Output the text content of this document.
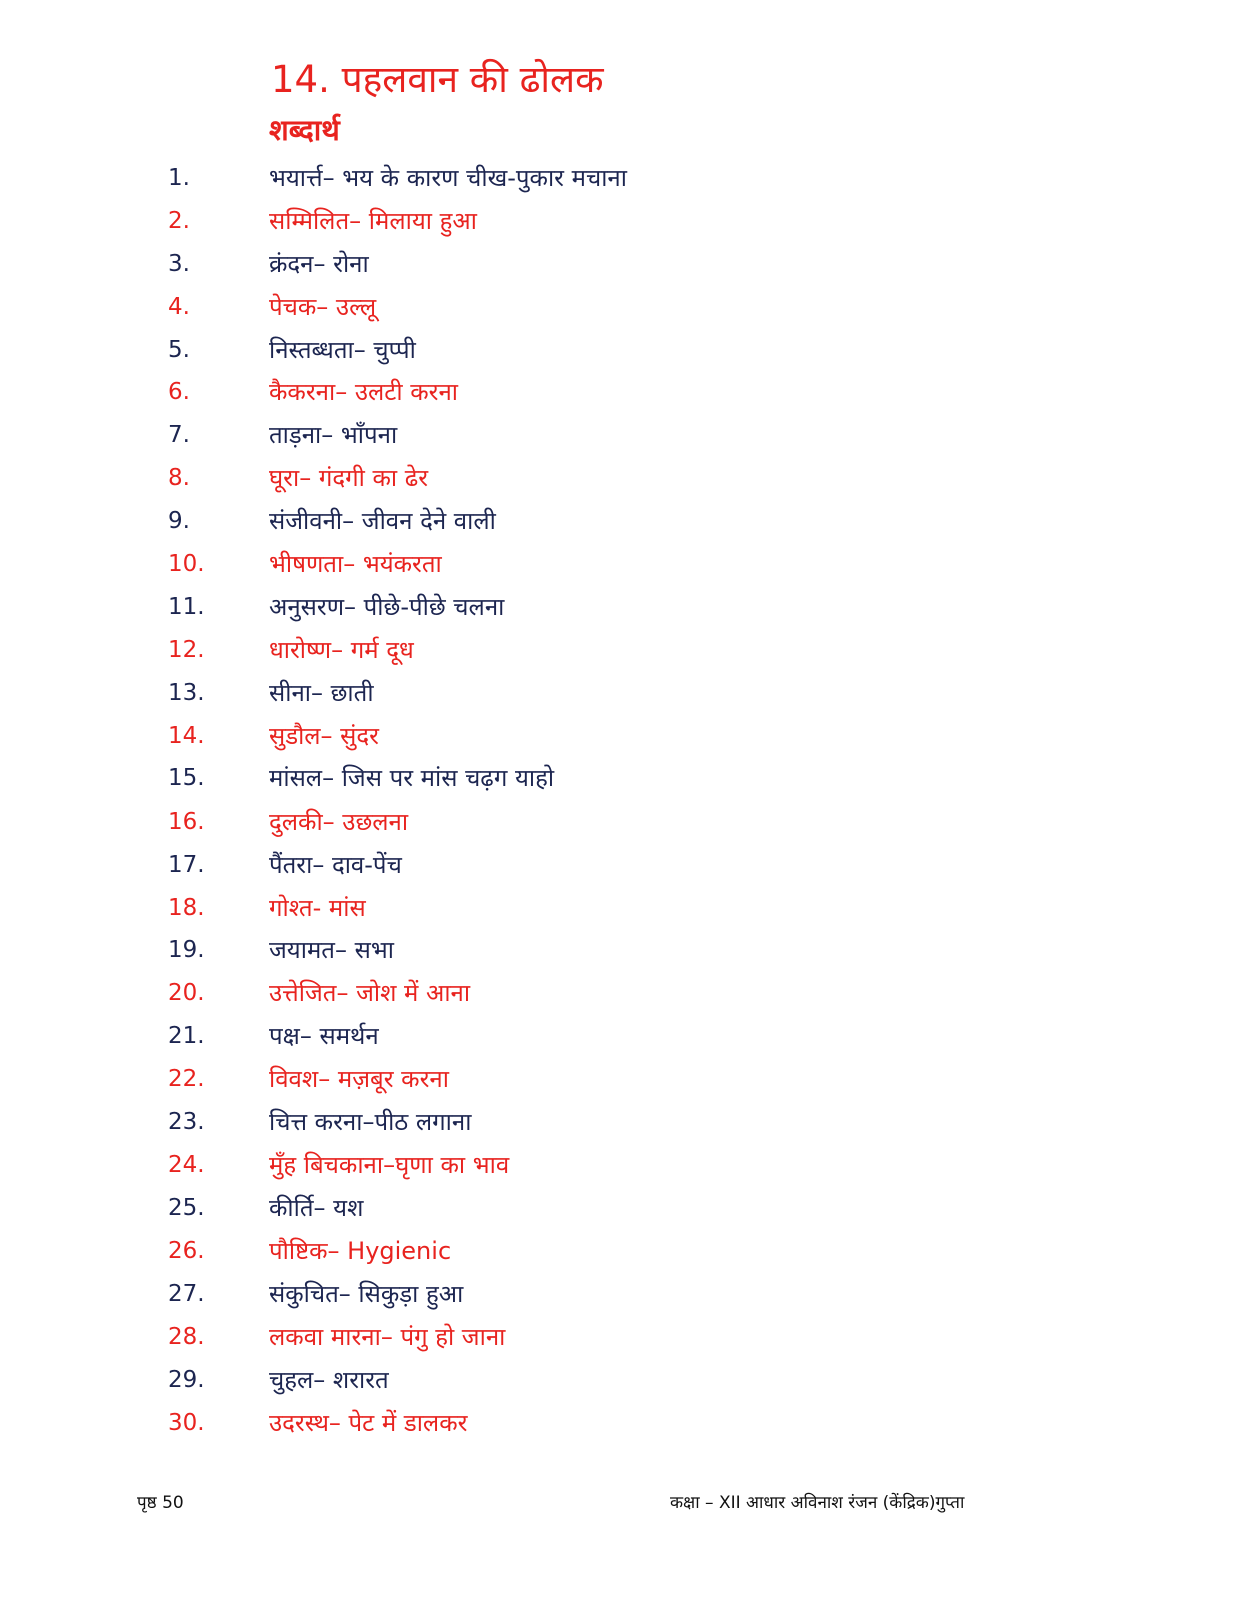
14. पहलवान की ढोलक
शब्दार्थ
1.	भयार्त्त– भय के कारण चीख-पुकार मचाना
2.	सम्मिलित– मिलाया हुआ
3.	क्रंदन– रोना
4.	पेचक– उल्लू
5.	निस्तब्धता– चुप्पी
6.	कैकरना– उलटी करना
7.	ताड़ना– भाँपना
8.	घूरा– गंदगी का ढेर
9.	संजीवनी– जीवन देने वाली
10.	भीषणता– भयंकरता
11.	अनुसरण– पीछे-पीछे चलना
12.	धारोष्ण– गर्म दूध
13.	सीना– छाती
14.	सुडौल– सुंदर
15.	मांसल– जिस पर मांस चढ़ग याहो
16.	दुलकी– उछलना
17.	पैंतरा– दाव-पेंच
18.	गोश्त- मांस
19.	जयामत– सभा
20.	उत्तेजित– जोश में आना
21.	पक्ष– समर्थन
22.	विवश– मज़बूर करना
23.	चित्त करना–पीठ लगाना
24.	मुँह बिचकाना–घृणा का भाव
25.	कीर्ति– यश
26.	पौष्टिक– Hygienic
27.	संकुचित– सिकुड़ा हुआ
28.	लकवा मारना– पंगु हो जाना
29.	चुहल– शरारत
30.	उदरस्थ– पेट में डालकर
पृष्ठ 50	कक्षा – XII आधार अविनाश रंजन (केंद्रिक)गुप्ता
